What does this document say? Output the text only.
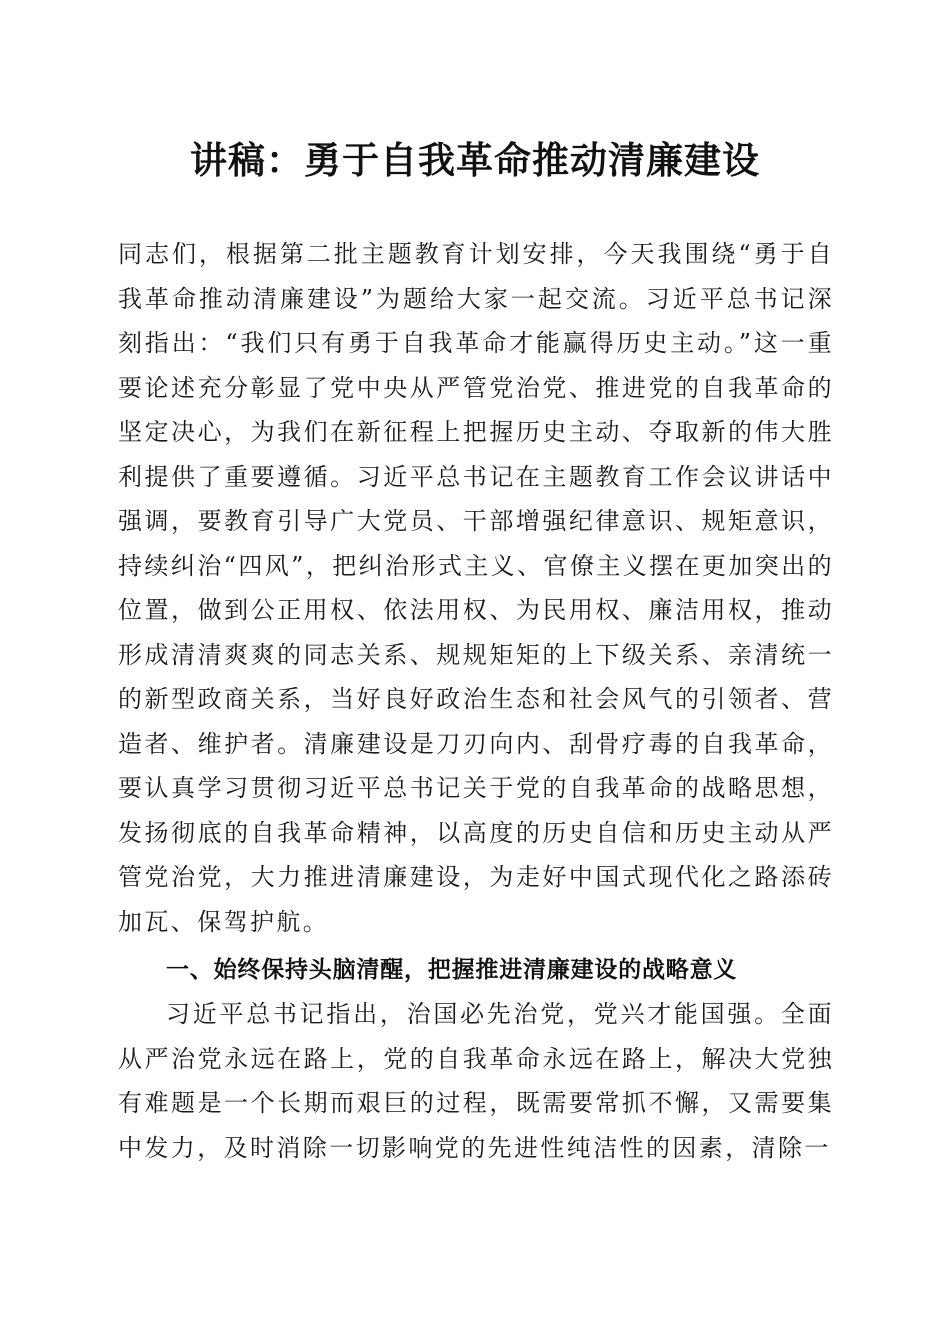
讲稿：勇于自我革命推动清廉建设

同志们，根据第二批主题教育计划安排，今天我围绕“勇于自我革命推动清廉建设”为题给大家一起交流。习近平总书记深刻指出：“我们只有勇于自我革命才能赢得历史主动。”这一重要论述充分彰显了党中央从严管党治党、推进党的自我革命的坚定决心，为我们在新征程上把握历史主动、夺取新的伟大胜利提供了重要遵循。习近平总书记在主题教育工作会议讲话中强调，要教育引导广大党员、干部增强纪律意识、规矩意识，持续纠治“四风”，把纠治形式主义、官僚主义摆在更加突出的位置，做到公正用权、依法用权、为民用权、廉洁用权，推动形成清清爽爽的同志关系、规规矩矩的上下级关系、亲清统一的新型政商关系，当好良好政治生态和社会风气的引领者、营造者、维护者。清廉建设是刀刃向内、刮骨疗毒的自我革命，要认真学习贯彻习近平总书记关于党的自我革命的战略思想，发扬彻底的自我革命精神，以高度的历史自信和历史主动从严管党治党，大力推进清廉建设，为走好中国式现代化之路添砖加瓦、保驾护航。

一、始终保持头脑清醒，把握推进清廉建设的战略意义

习近平总书记指出，治国必先治党，党兴才能国强。全面从严治党永远在路上，党的自我革命永远在路上，解决大党独有难题是一个长期而艰巨的过程，既需要常抓不懈，又需要集中发力，及时消除一切影响党的先进性纯洁性的因素，清除一
